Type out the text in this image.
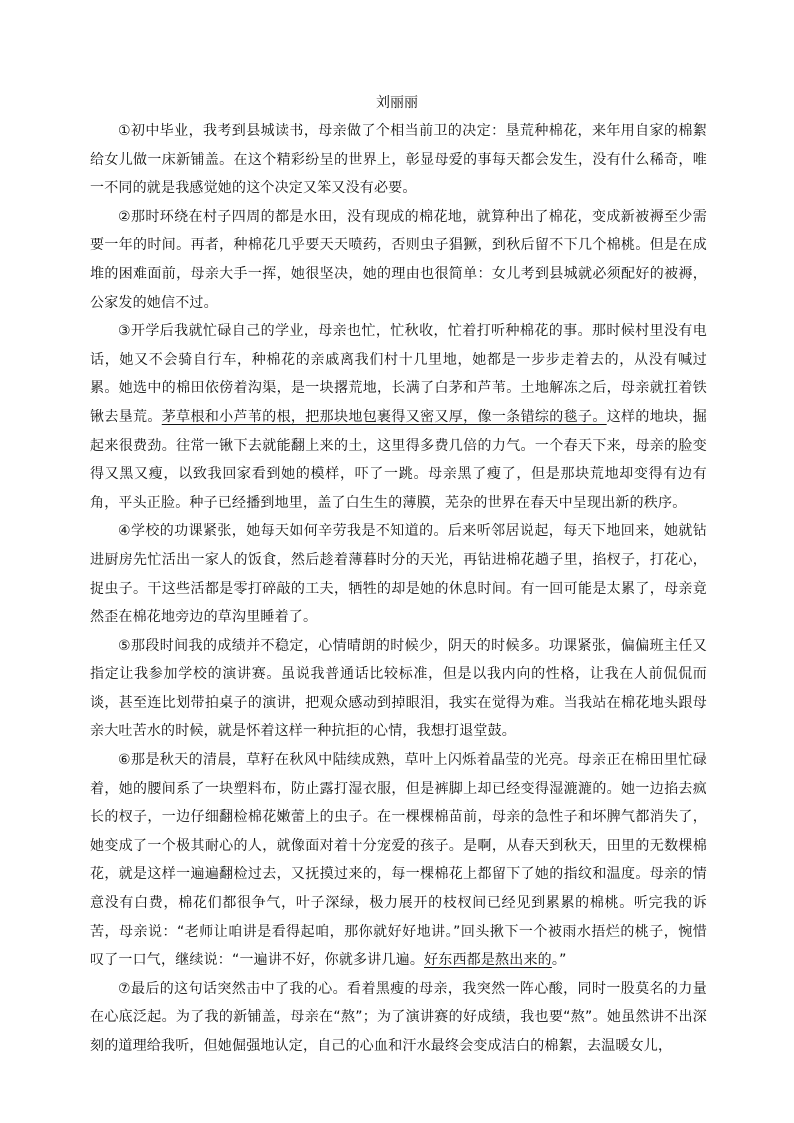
刘丽丽

①初中毕业，我考到县城读书，母亲做了个相当前卫的决定：垦荒种棉花，来年用自家的棉絮给女儿做一床新铺盖。在这个精彩纷呈的世界上，彰显母爱的事每天都会发生，没有什么稀奇，唯一不同的就是我感觉她的这个决定又笨又没有必要。

②那时环绕在村子四周的都是水田，没有现成的棉花地，就算种出了棉花，变成新被褥至少需要一年的时间。再者，种棉花几乎要天天喷药，否则虫子猖獗，到秋后留不下几个棉桃。但是在成堆的困难面前，母亲大手一挥，她很坚决，她的理由也很简单：女儿考到县城就必须配好的被褥，公家发的她信不过。

③开学后我就忙碌自己的学业，母亲也忙，忙秋收，忙着打听种棉花的事。那时候村里没有电话，她又不会骑自行车，种棉花的亲戚离我们村十几里地，她都是一步步走着去的，从没有喊过累。她选中的棉田依傍着沟渠，是一块撂荒地，长满了白茅和芦苇。土地解冻之后，母亲就扛着铁锹去垦荒。茅草根和小芦苇的根，把那块地包裹得又密又厚，像一条错综的毯子。这样的地块，掘起来很费劲。往常一锹下去就能翻上来的土，这里得多费几倍的力气。一个春天下来，母亲的脸变得又黑又瘦，以致我回家看到她的模样，吓了一跳。母亲黑了瘦了，但是那块荒地却变得有边有角，平头正脸。种子已经播到地里，盖了白生生的薄膜，芜杂的世界在春天中呈现出新的秩序。

④学校的功课紧张，她每天如何辛劳我是不知道的。后来听邻居说起，每天下地回来，她就钻进厨房先忙活出一家人的饭食，然后趁着薄暮时分的天光，再钻进棉花趟子里，掐杈子，打花心，捉虫子。干这些活都是零打碎敲的工夫，牺牲的却是她的休息时间。有一回可能是太累了，母亲竟然歪在棉花地旁边的草沟里睡着了。

⑤那段时间我的成绩并不稳定，心情晴朗的时候少，阴天的时候多。功课紧张，偏偏班主任又指定让我参加学校的演讲赛。虽说我普通话比较标准，但是以我内向的性格，让我在人前侃侃而谈，甚至连比划带拍桌子的演讲，把观众感动到掉眼泪，我实在觉得为难。当我站在棉花地头跟母亲大吐苦水的时候，就是怀着这样一种抗拒的心情，我想打退堂鼓。

⑥那是秋天的清晨，草籽在秋风中陆续成熟，草叶上闪烁着晶莹的光亮。母亲正在棉田里忙碌着，她的腰间系了一块塑料布，防止露打湿衣服，但是裤脚上却已经变得湿漉漉的。她一边掐去疯长的杈子，一边仔细翻检棉花嫩蕾上的虫子。在一棵棵棉苗前，母亲的急性子和坏脾气都消失了，她变成了一个极其耐心的人，就像面对着十分宠爱的孩子。是啊，从春天到秋天，田里的无数棵棉花，就是这样一遍遍翻检过去，又抚摸过来的，每一棵棉花上都留下了她的指纹和温度。母亲的情意没有白费，棉花们都很争气，叶子深绿，极力展开的枝杈间已经见到累累的棉桃。听完我的诉苦，母亲说：“老师让咱讲是看得起咱，那你就好好地讲。”回头揪下一个被雨水捂烂的桃子，惋惜叹了一口气，继续说：“一遍讲不好，你就多讲几遍。好东西都是熬出来的。”

⑦最后的这句话突然击中了我的心。看着黑瘦的母亲，我突然一阵心酸，同时一股莫名的力量在心底泛起。为了我的新铺盖，母亲在“熬”；为了演讲赛的好成绩，我也要“熬”。她虽然讲不出深刻的道理给我听，但她倔强地认定，自己的心血和汗水最终会变成洁白的棉絮，去温暖女儿，
